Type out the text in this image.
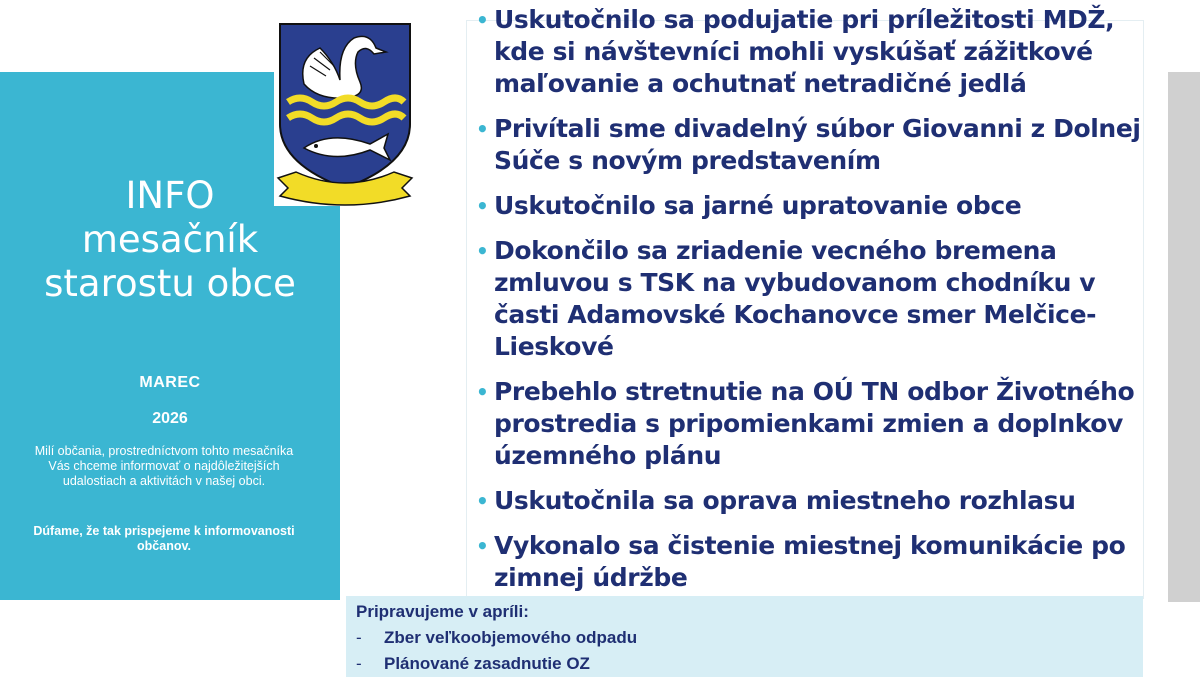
INFO
mesačník
starostu obce
MAREC
2026
Milí občania, prostredníctvom tohto mesačníka Vás chceme informovať o najdôležitejších udalostiach a aktivitách v našej obci.
Dúfame, že tak prispejeme k informovanosti občanov.
• Uskutočnilo sa podujatie pri príležitosti MDŽ, kde si návštevníci mohli vyskúšať zážitkové maľovanie a ochutnať netradičné jedlá
• Privítali sme divadelný súbor Giovanni z Dolnej Súče s novým predstavením
• Uskutočnilo sa jarné upratovanie obce
• Dokončilo sa zriadenie vecného bremena zmluvou s TSK na vybudovanom chodníku v časti Adamovské Kochanovce smer Melčice-Lieskové
• Prebehlo stretnutie na OÚ TN odbor Životného prostredia s pripomienkami zmien a doplnkov územného plánu
• Uskutočnila sa oprava miestneho rozhlasu
• Vykonalo sa čistenie miestnej komunikácie po zimnej údržbe
Pripravujeme v apríli:
- Zber veľkoobjemového odpadu
- Plánované zasadnutie OZ
